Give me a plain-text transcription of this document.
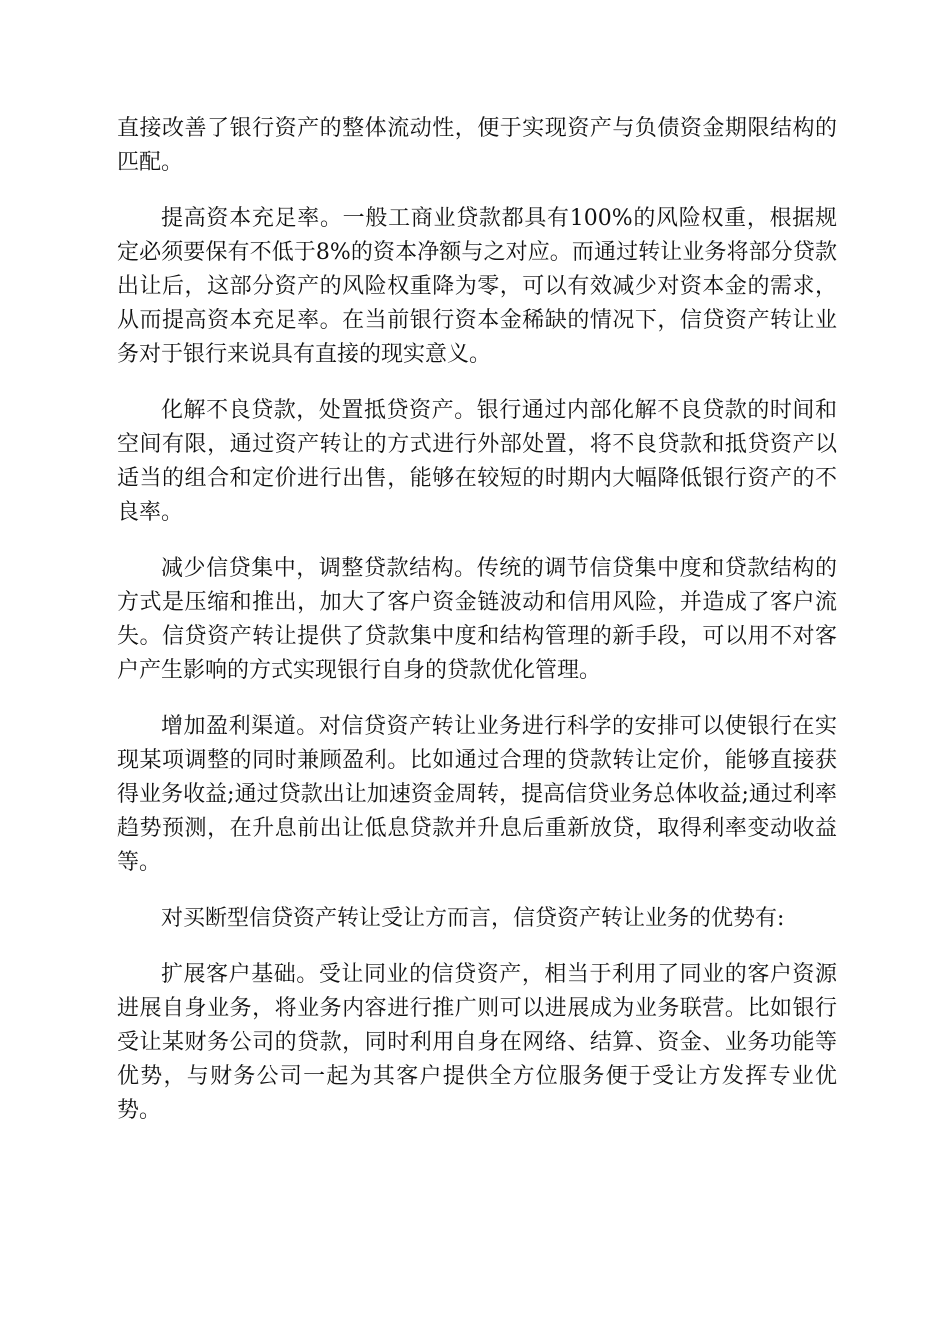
直接改善了银行资产的整体流动性，便于实现资产与负债资金期限结构的匹配。

提高资本充足率。一般工商业贷款都具有100%的风险权重，根据规定必须要保有不低于8%的资本净额与之对应。而通过转让业务将部分贷款出让后，这部分资产的风险权重降为零，可以有效减少对资本金的需求，从而提高资本充足率。在当前银行资本金稀缺的情况下，信贷资产转让业务对于银行来说具有直接的现实意义。

化解不良贷款，处置抵贷资产。银行通过内部化解不良贷款的时间和空间有限，通过资产转让的方式进行外部处置，将不良贷款和抵贷资产以适当的组合和定价进行出售，能够在较短的时期内大幅降低银行资产的不良率。

减少信贷集中，调整贷款结构。传统的调节信贷集中度和贷款结构的方式是压缩和推出，加大了客户资金链波动和信用风险，并造成了客户流失。信贷资产转让提供了贷款集中度和结构管理的新手段，可以用不对客户产生影响的方式实现银行自身的贷款优化管理。

增加盈利渠道。对信贷资产转让业务进行科学的安排可以使银行在实现某项调整的同时兼顾盈利。比如通过合理的贷款转让定价，能够直接获得业务收益;通过贷款出让加速资金周转，提高信贷业务总体收益;通过利率趋势预测，在升息前出让低息贷款并升息后重新放贷，取得利率变动收益等。

对买断型信贷资产转让受让方而言，信贷资产转让业务的优势有:

扩展客户基础。受让同业的信贷资产，相当于利用了同业的客户资源进展自身业务，将业务内容进行推广则可以进展成为业务联营。比如银行受让某财务公司的贷款，同时利用自身在网络、结算、资金、业务功能等优势，与财务公司一起为其客户提供全方位服务便于受让方发挥专业优势。
